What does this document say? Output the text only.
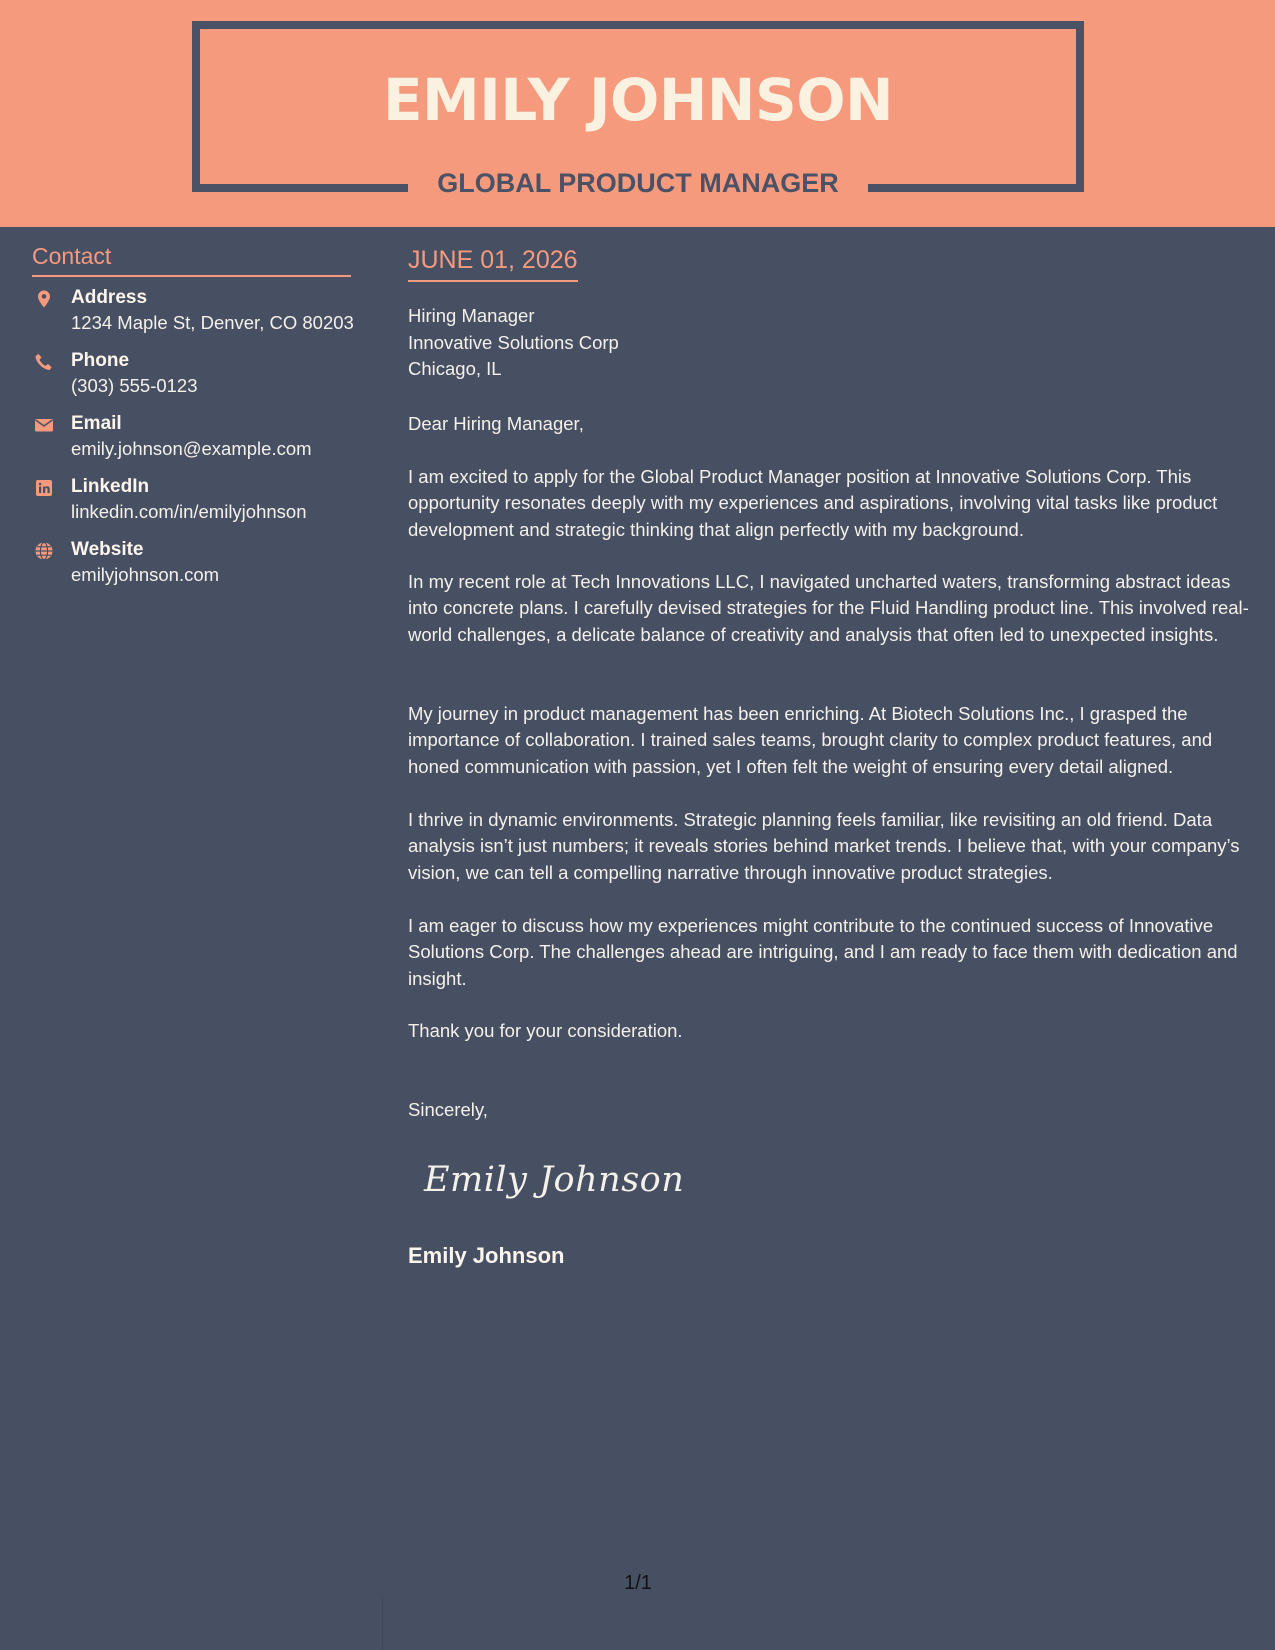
EMILY JOHNSON
GLOBAL PRODUCT MANAGER
Contact
Address
1234 Maple St, Denver, CO 80203
Phone
(303) 555-0123
Email
emily.johnson@example.com
LinkedIn
linkedin.com/in/emilyjohnson
Website
emilyjohnson.com
JUNE 01, 2026
Hiring Manager
Innovative Solutions Corp
Chicago, IL

Dear Hiring Manager,

I am excited to apply for the Global Product Manager position at Innovative Solutions Corp. This opportunity resonates deeply with my experiences and aspirations, involving vital tasks like product development and strategic thinking that align perfectly with my background.

In my recent role at Tech Innovations LLC, I navigated uncharted waters, transforming abstract ideas into concrete plans. I carefully devised strategies for the Fluid Handling product line. This involved real-world challenges, a delicate balance of creativity and analysis that often led to unexpected insights.

My journey in product management has been enriching. At Biotech Solutions Inc., I grasped the importance of collaboration. I trained sales teams, brought clarity to complex product features, and honed communication with passion, yet I often felt the weight of ensuring every detail aligned.

I thrive in dynamic environments. Strategic planning feels familiar, like revisiting an old friend. Data analysis isn’t just numbers; it reveals stories behind market trends. I believe that, with your company’s vision, we can tell a compelling narrative through innovative product strategies.

I am eager to discuss how my experiences might contribute to the continued success of Innovative Solutions Corp. The challenges ahead are intriguing, and I am ready to face them with dedication and insight.

Thank you for your consideration.

Sincerely,

Emily Johnson
Emily Johnson
1/1
